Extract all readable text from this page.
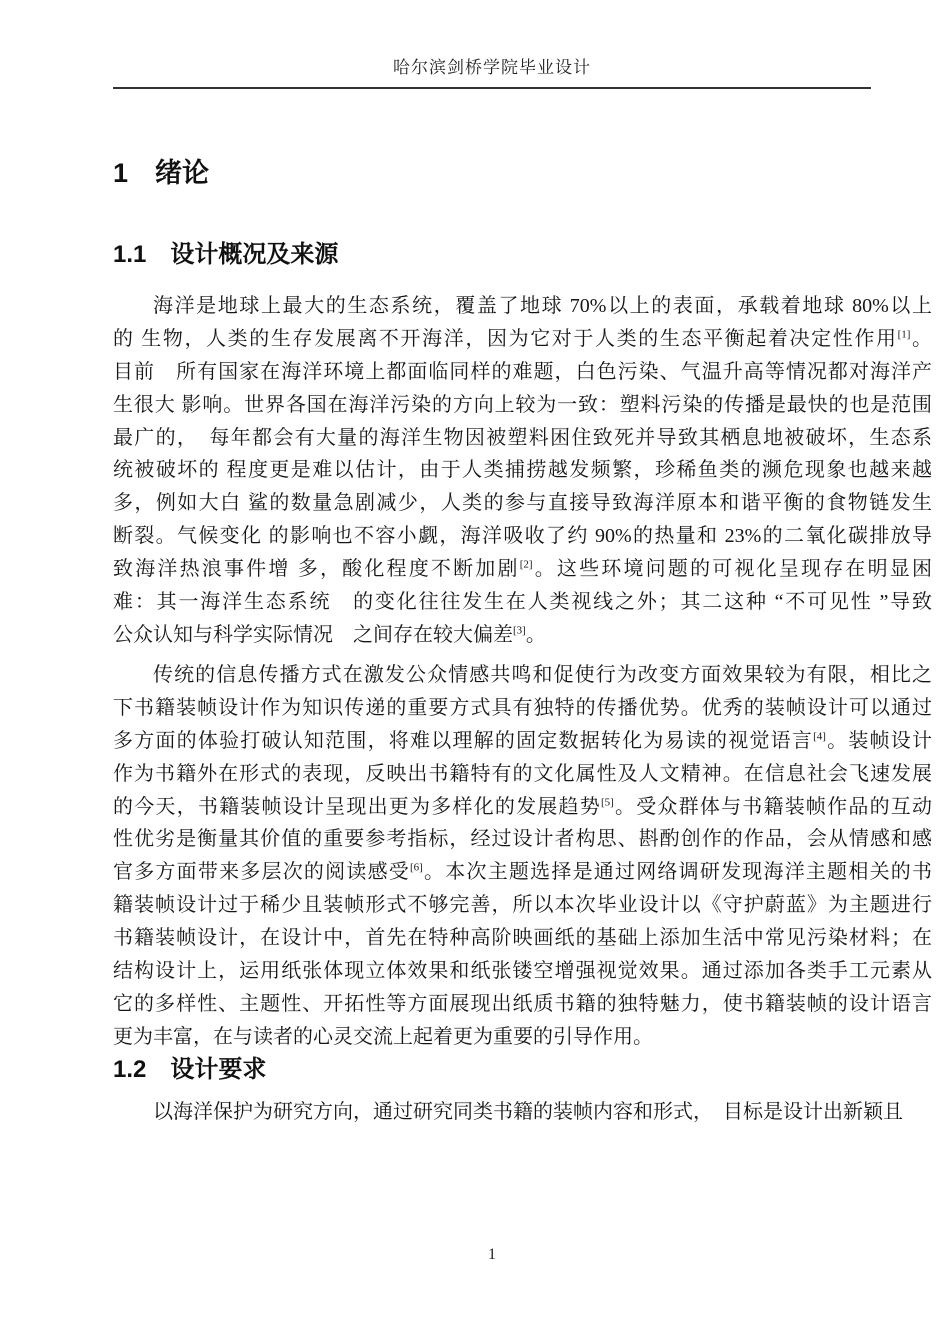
哈尔滨剑桥学院毕业设计
1　绪论
1.1　设计概况及来源
海洋是地球上最大的生态系统，覆盖了地球 70%以上的表面，承载着地球 80%以上
的 生物，人类的生存发展离不开海洋，因为它对于人类的生态平衡起着决定性作用[1]。
目前　所有国家在海洋环境上都面临同样的难题，白色污染、气温升高等情况都对海洋产
生很大 影响。世界各国在海洋污染的方向上较为一致：塑料污染的传播是最快的也是范围
最广的，　每年都会有大量的海洋生物因被塑料困住致死并导致其栖息地被破坏，生态系
统被破坏的 程度更是难以估计，由于人类捕捞越发频繁，珍稀鱼类的濒危现象也越来越
多，例如大白 鲨的数量急剧减少，人类的参与直接导致海洋原本和谐平衡的食物链发生
断裂。气候变化 的影响也不容小觑，海洋吸收了约 90%的热量和 23%的二氧化碳排放导
致海洋热浪事件增 多，酸化程度不断加剧[2]。这些环境问题的可视化呈现存在明显困
难：其一海洋生态系统　的变化往往发生在人类视线之外；其二这种 “不可见性 ”导致
公众认知与科学实际情况　之间存在较大偏差[3]。
传统的信息传播方式在激发公众情感共鸣和促使行为改变方面效果较为有限，相比之
下书籍装帧设计作为知识传递的重要方式具有独特的传播优势。优秀的装帧设计可以通过
多方面的体验打破认知范围，将难以理解的固定数据转化为易读的视觉语言[4]。装帧设计
作为书籍外在形式的表现，反映出书籍特有的文化属性及人文精神。在信息社会飞速发展
的今天，书籍装帧设计呈现出更为多样化的发展趋势[5]。受众群体与书籍装帧作品的互动
性优劣是衡量其价值的重要参考指标，经过设计者构思、斟酌创作的作品，会从情感和感
官多方面带来多层次的阅读感受[6]。本次主题选择是通过网络调研发现海洋主题相关的书
籍装帧设计过于稀少且装帧形式不够完善，所以本次毕业设计以《守护蔚蓝》为主题进行
书籍装帧设计，在设计中，首先在特种高阶映画纸的基础上添加生活中常见污染材料；在
结构设计上，运用纸张体现立体效果和纸张镂空增强视觉效果。通过添加各类手工元素从
它的多样性、主题性、开拓性等方面展现出纸质书籍的独特魅力，使书籍装帧的设计语言
更为丰富，在与读者的心灵交流上起着更为重要的引导作用。
1.2　设计要求
以海洋保护为研究方向，通过研究同类书籍的装帧内容和形式，　目标是设计出新颖且
1
